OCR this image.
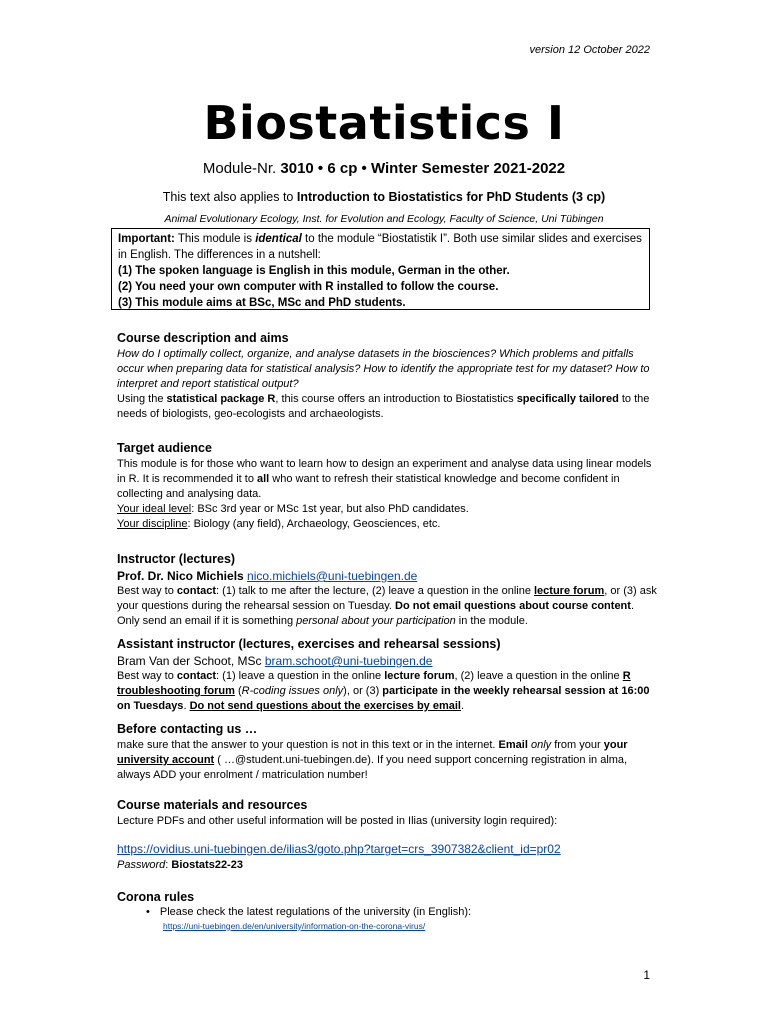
version 12 October 2022
Biostatistics I
Module-Nr. 3010 • 6 cp • Winter Semester 2021-2022
This text also applies to Introduction to Biostatistics for PhD Students (3 cp)
Animal Evolutionary Ecology, Inst. for Evolution and Ecology, Faculty of Science, Uni Tübingen
Important: This module is identical to the module “Biostatistik I”. Both use similar slides and exercises in English. The differences in a nutshell:
(1) The spoken language is English in this module, German in the other.
(2) You need your own computer with R installed to follow the course.
(3) This module aims at BSc, MSc and PhD students.
Course description and aims
How do I optimally collect, organize, and analyse datasets in the biosciences? Which problems and pitfalls occur when preparing data for statistical analysis? How to identify the appropriate test for my dataset? How to interpret and report statistical output?
Using the statistical package R, this course offers an introduction to Biostatistics specifically tailored to the needs of biologists, geo-ecologists and archaeologists.
Target audience
This module is for those who want to learn how to design an experiment and analyse data using linear models in R. It is recommended it to all who want to refresh their statistical knowledge and become confident in collecting and analysing data.
Your ideal level: BSc 3rd year or MSc 1st year, but also PhD candidates.
Your discipline: Biology (any field), Archaeology, Geosciences, etc.
Instructor (lectures)
Prof. Dr. Nico Michiels nico.michiels@uni-tuebingen.de
Best way to contact: (1) talk to me after the lecture, (2) leave a question in the online lecture forum, or (3) ask your questions during the rehearsal session on Tuesday. Do not email questions about course content. Only send an email if it is something personal about your participation in the module.
Assistant instructor (lectures, exercises and rehearsal sessions)
Bram Van der Schoot, MSc bram.schoot@uni-tuebingen.de
Best way to contact: (1) leave a question in the online lecture forum, (2) leave a question in the online R troubleshooting forum (R-coding issues only), or (3) participate in the weekly rehearsal session at 16:00 on Tuesdays. Do not send questions about the exercises by email.
Before contacting us …
make sure that the answer to your question is not in this text or in the internet. Email only from your your university account ( …@student.uni-tuebingen.de). If you need support concerning registration in alma, always ADD your enrolment / matriculation number!
Course materials and resources
Lecture PDFs and other useful information will be posted in Ilias (university login required):
https://ovidius.uni-tuebingen.de/ilias3/goto.php?target=crs_3907382&client_id=pr02
Password: Biostats22-23
Corona rules
• Please check the latest regulations of the university (in English):
https://uni-tuebingen.de/en/university/information-on-the-corona-virus/
1
